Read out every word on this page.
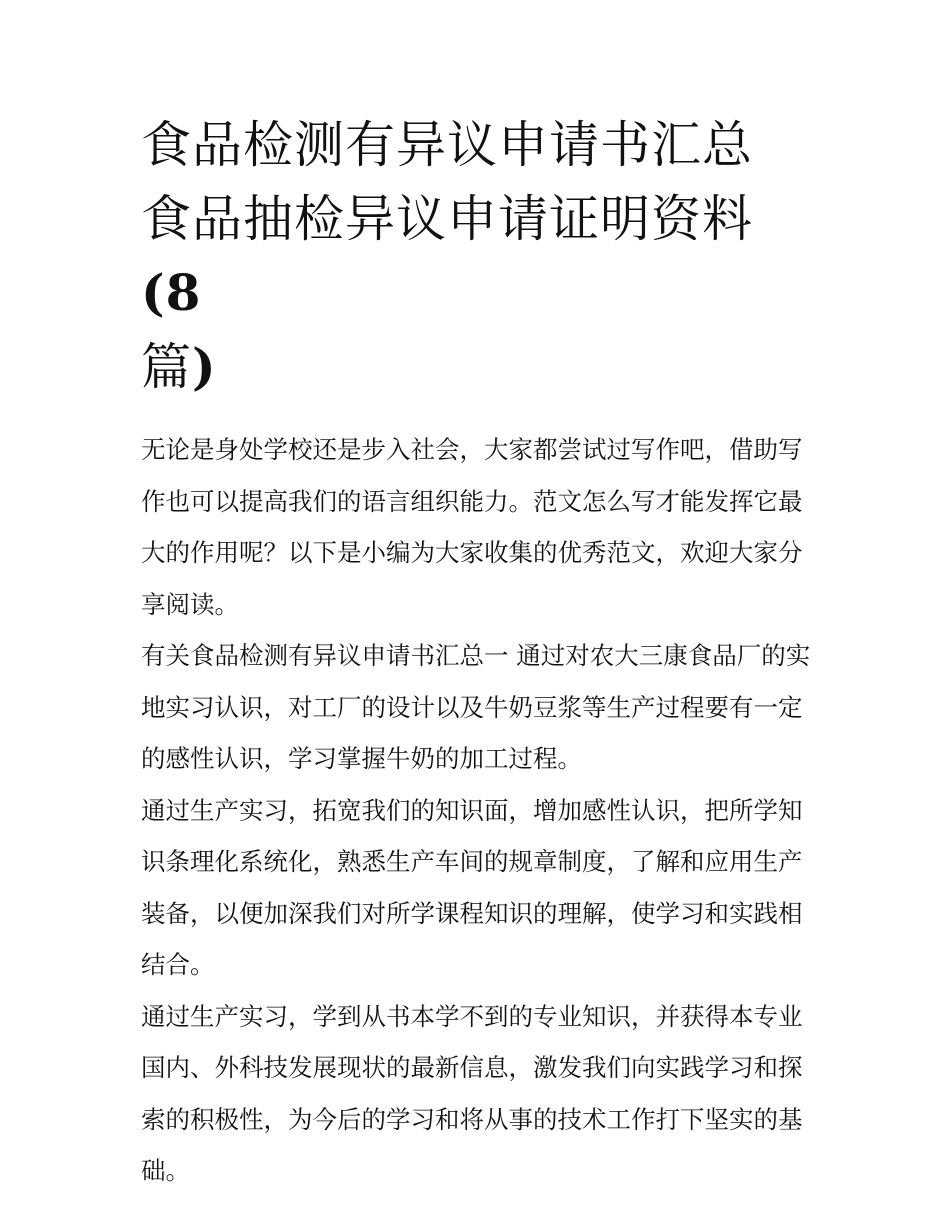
食品检测有异议申请书汇总 食品抽检异议申请证明资料(8
篇)

无论是身处学校还是步入社会，大家都尝试过写作吧，借助写作也可以提高我们的语言组织能力。范文怎么写才能发挥它最大的作用呢？以下是小编为大家收集的优秀范文，欢迎大家分享阅读。

有关食品检测有异议申请书汇总一 通过对农大三康食品厂的实地实习认识，对工厂的设计以及牛奶豆浆等生产过程要有一定的感性认识，学习掌握牛奶的加工过程。

通过生产实习，拓宽我们的知识面，增加感性认识，把所学知识条理化系统化，熟悉生产车间的规章制度，了解和应用生产装备，以便加深我们对所学课程知识的理解，使学习和实践相结合。

通过生产实习，学到从书本学不到的专业知识，并获得本专业国内、外科技发展现状的最新信息，激发我们向实践学习和探索的积极性，为今后的学习和将从事的技术工作打下坚实的基础。
